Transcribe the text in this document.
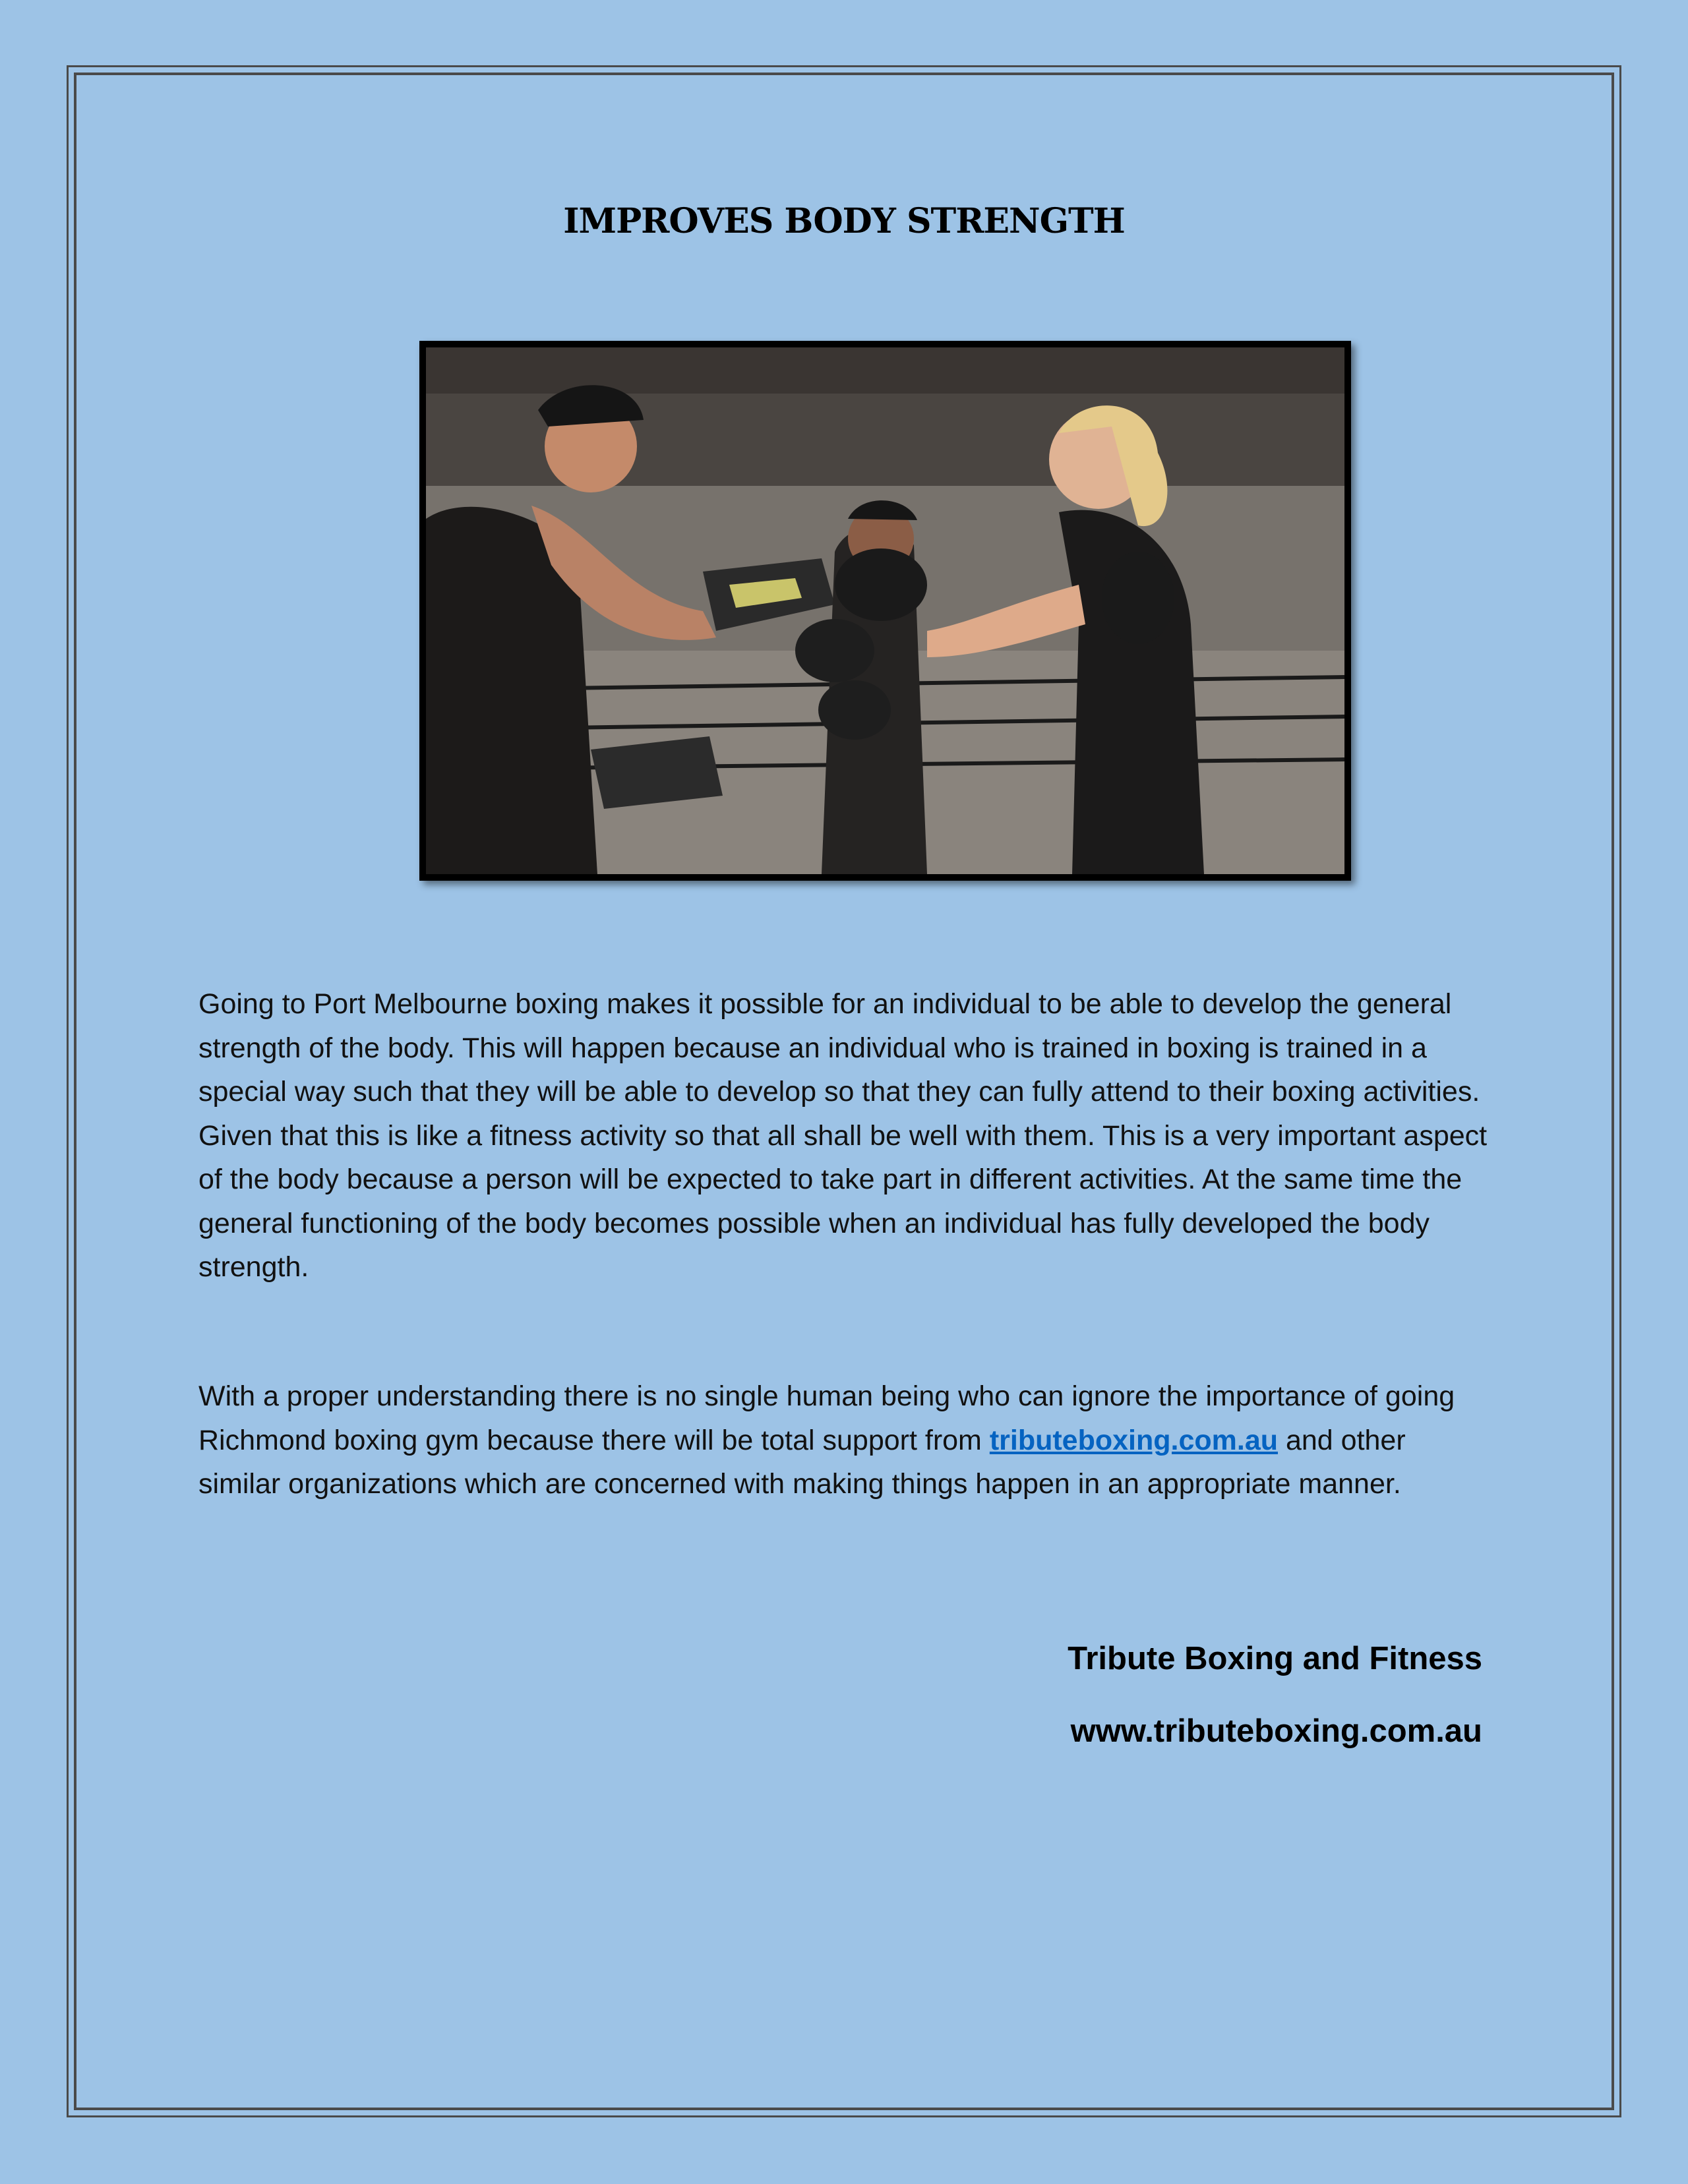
IMPROVES BODY STRENGTH

Going to Port Melbourne boxing makes it possible for an individual to be able to develop the general strength of the body. This will happen because an individual who is trained in boxing is trained in a special way such that they will be able to develop so that they can fully attend to their boxing activities. Given that this is like a fitness activity so that all shall be well with them. This is a very important aspect of the body because a person will be expected to take part in different activities. At the same time the general functioning of the body becomes possible when an individual has fully developed the body strength.

With a proper understanding there is no single human being who can ignore the importance of going Richmond boxing gym because there will be total support from tributeboxing.com.au and other similar organizations which are concerned with making things happen in an appropriate manner.

Tribute Boxing and Fitness

www.tributeboxing.com.au
